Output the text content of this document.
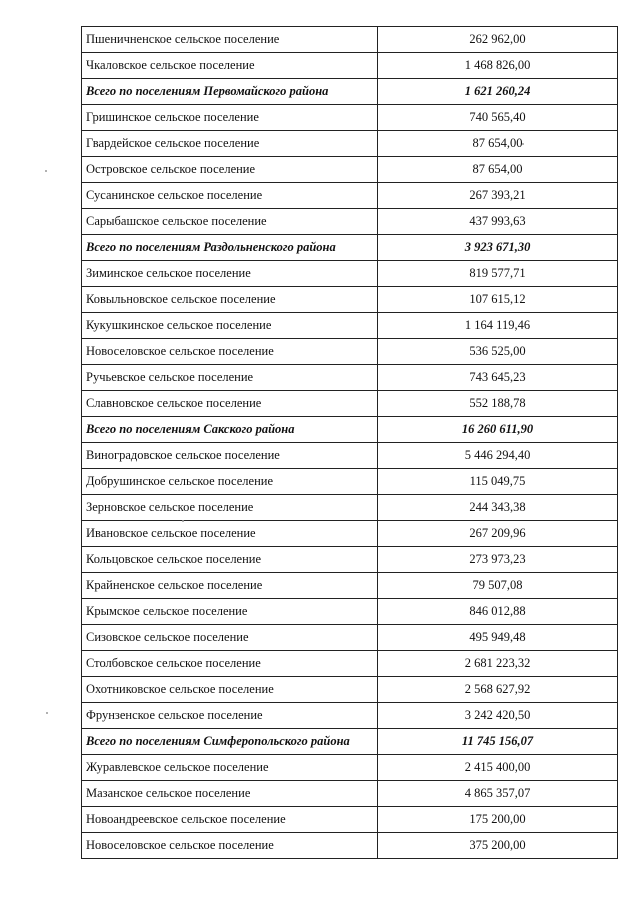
Пшеничненское сельское поселение	262 962,00
Чкаловское сельское поселение	1 468 826,00
Всего по поселениям Первомайского района	1 621 260,24
Гришинское сельское поселение	740 565,40
Гвардейское сельское поселение	87 654,00
Островское сельское поселение	87 654,00
Сусанинское сельское поселение	267 393,21
Сарыбашское сельское поселение	437 993,63
Всего по поселениям Раздольненского района	3 923 671,30
Зиминское сельское поселение	819 577,71
Ковыльновское сельское поселение	107 615,12
Кукушкинское сельское поселение	1 164 119,46
Новоселовское сельское поселение	536 525,00
Ручьевское сельское поселение	743 645,23
Славновское сельское поселение	552 188,78
Всего по поселениям Сакского района	16 260 611,90
Виноградовское сельское поселение	5 446 294,40
Добрушинское сельское поселение	115 049,75
Зерновское сельское поселение	244 343,38
Ивановское сельское поселение	267 209,96
Кольцовское сельское поселение	273 973,23
Крайненское сельское поселение	79 507,08
Крымское сельское поселение	846 012,88
Сизовское сельское поселение	495 949,48
Столбовское сельское поселение	2 681 223,32
Охотниковское сельское поселение	2 568 627,92
Фрунзенское сельское поселение	3 242 420,50
Всего по поселениям Симферопольского района	11 745 156,07
Журавлевское сельское поселение	2 415 400,00
Мазанское сельское поселение	4 865 357,07
Новоандреевское сельское поселение	175 200,00
Новоселовское сельское поселение	375 200,00
